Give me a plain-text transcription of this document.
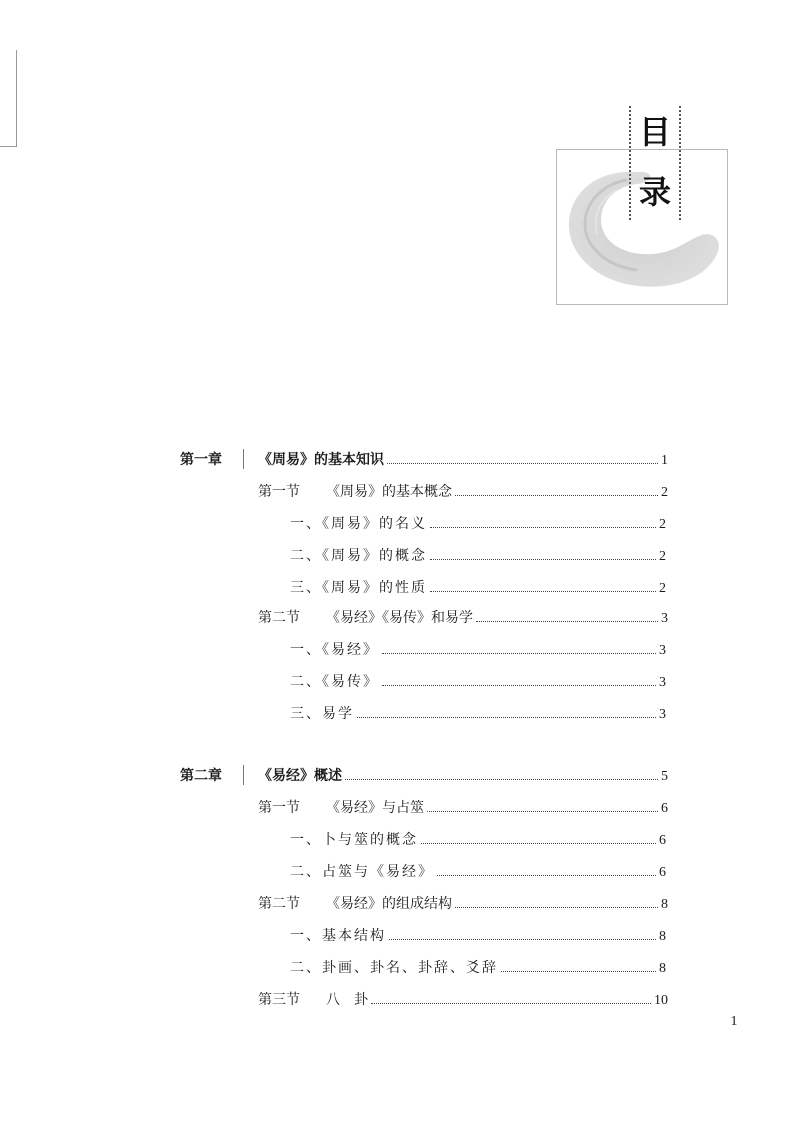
目
录
第一章	《周易》的基本知识	1
第一节	《周易》的基本概念	2
一、《周易》的名义	2
二、《周易》的概念	2
三、《周易》的性质	2
第二节	《易经》《易传》和易学	3
一、《易经》	3
二、《易传》	3
三、易学	3
第二章	《易经》概述	5
第一节	《易经》与占筮	6
一、卜与筮的概念	6
二、占筮与《易经》	6
第二节	《易经》的组成结构	8
一、基本结构	8
二、卦画、卦名、卦辞、爻辞	8
第三节	八　卦	10
1
